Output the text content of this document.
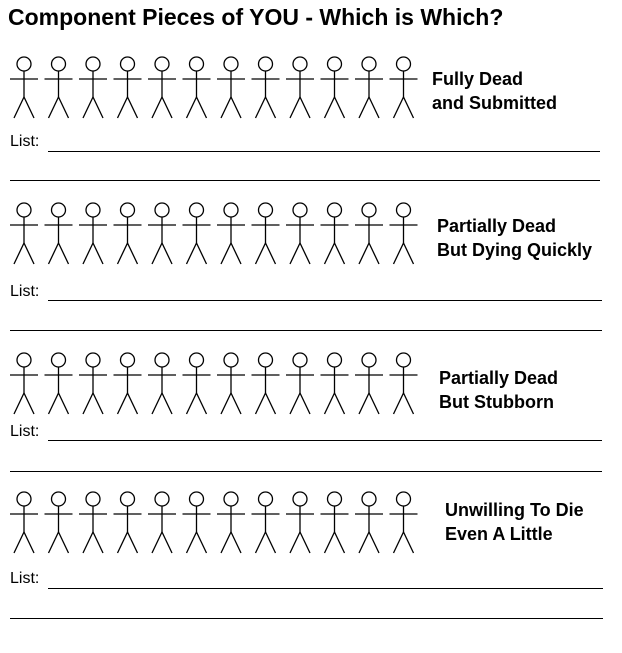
Component Pieces of YOU - Which is Which?
Fully Dead
and Submitted
List:
Partially Dead
But Dying Quickly
List:
Partially Dead
But Stubborn
List:
Unwilling To Die
Even A Little
List:
